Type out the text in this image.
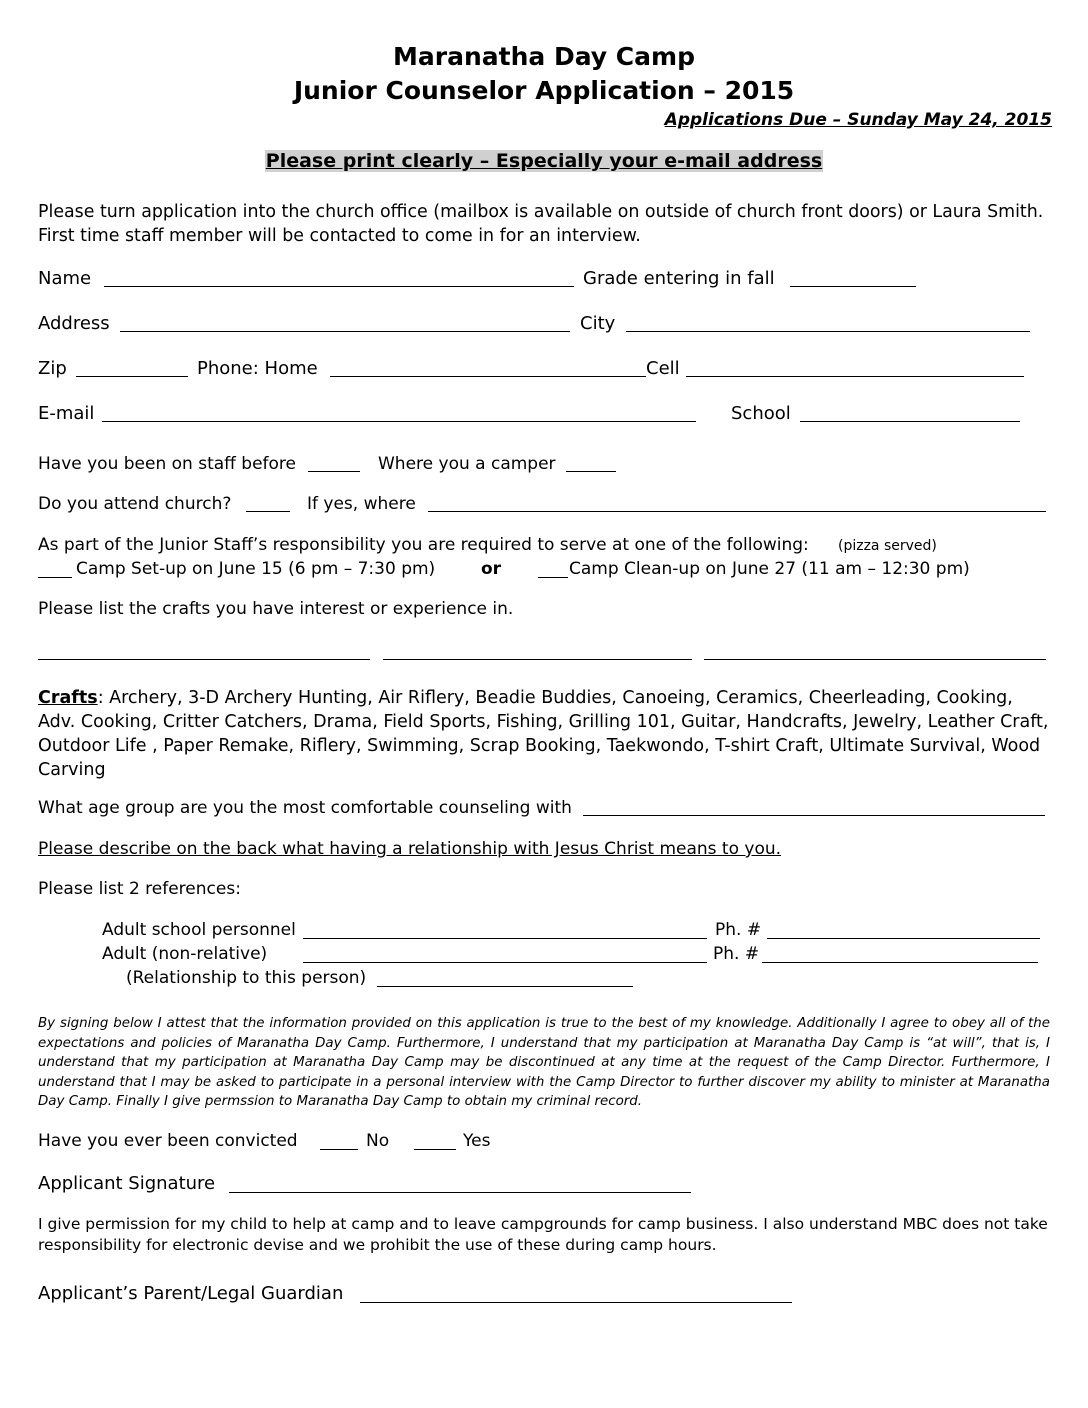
Maranatha Day Camp
Junior Counselor Application – 2015
Applications Due – Sunday May 24, 2015
Please print clearly – Especially your e-mail address
Please turn application into the church office (mailbox is available on outside of church front doors) or Laura Smith.
First time staff member will be contacted to come in for an interview.
Name	Grade entering in fall
Address	City
Zip	Phone: Home	Cell
E-mail	School
Have you been on staff before	Where you a camper
Do you attend church?	If yes, where
As part of the Junior Staff’s responsibility you are required to serve at one of the following: (pizza served)
Camp Set-up on June 15 (6 pm – 7:30 pm)	or	Camp Clean-up on June 27 (11 am – 12:30 pm)
Please list the crafts you have interest or experience in.
Crafts: Archery, 3-D Archery Hunting, Air Riflery, Beadie Buddies, Canoeing, Ceramics, Cheerleading, Cooking, Adv. Cooking, Critter Catchers, Drama, Field Sports, Fishing, Grilling 101, Guitar, Handcrafts, Jewelry, Leather Craft, Outdoor Life , Paper Remake, Riflery, Swimming, Scrap Booking, Taekwondo, T-shirt Craft, Ultimate Survival, Wood Carving
What age group are you the most comfortable counseling with
Please describe on the back what having a relationship with Jesus Christ means to you.
Please list 2 references:
Adult school personnel	Ph. #
Adult (non-relative)	Ph. #
(Relationship to this person)
By signing below I attest that the information provided on this application is true to the best of my knowledge. Additionally I agree to obey all of the expectations and policies of Maranatha Day Camp. Furthermore, I understand that my participation at Maranatha Day Camp is “at will”, that is, I understand that my participation at Maranatha Day Camp may be discontinued at any time at the request of the Camp Director. Furthermore, I understand that I may be asked to participate in a personal interview with the Camp Director to further discover my ability to minister at Maranatha Day Camp. Finally I give permssion to Maranatha Day Camp to obtain my criminal record.
Have you ever been convicted	No	Yes
Applicant Signature
I give permission for my child to help at camp and to leave campgrounds for camp business. I also understand MBC does not take responsibility for electronic devise and we prohibit the use of these during camp hours.
Applicant’s Parent/Legal Guardian
